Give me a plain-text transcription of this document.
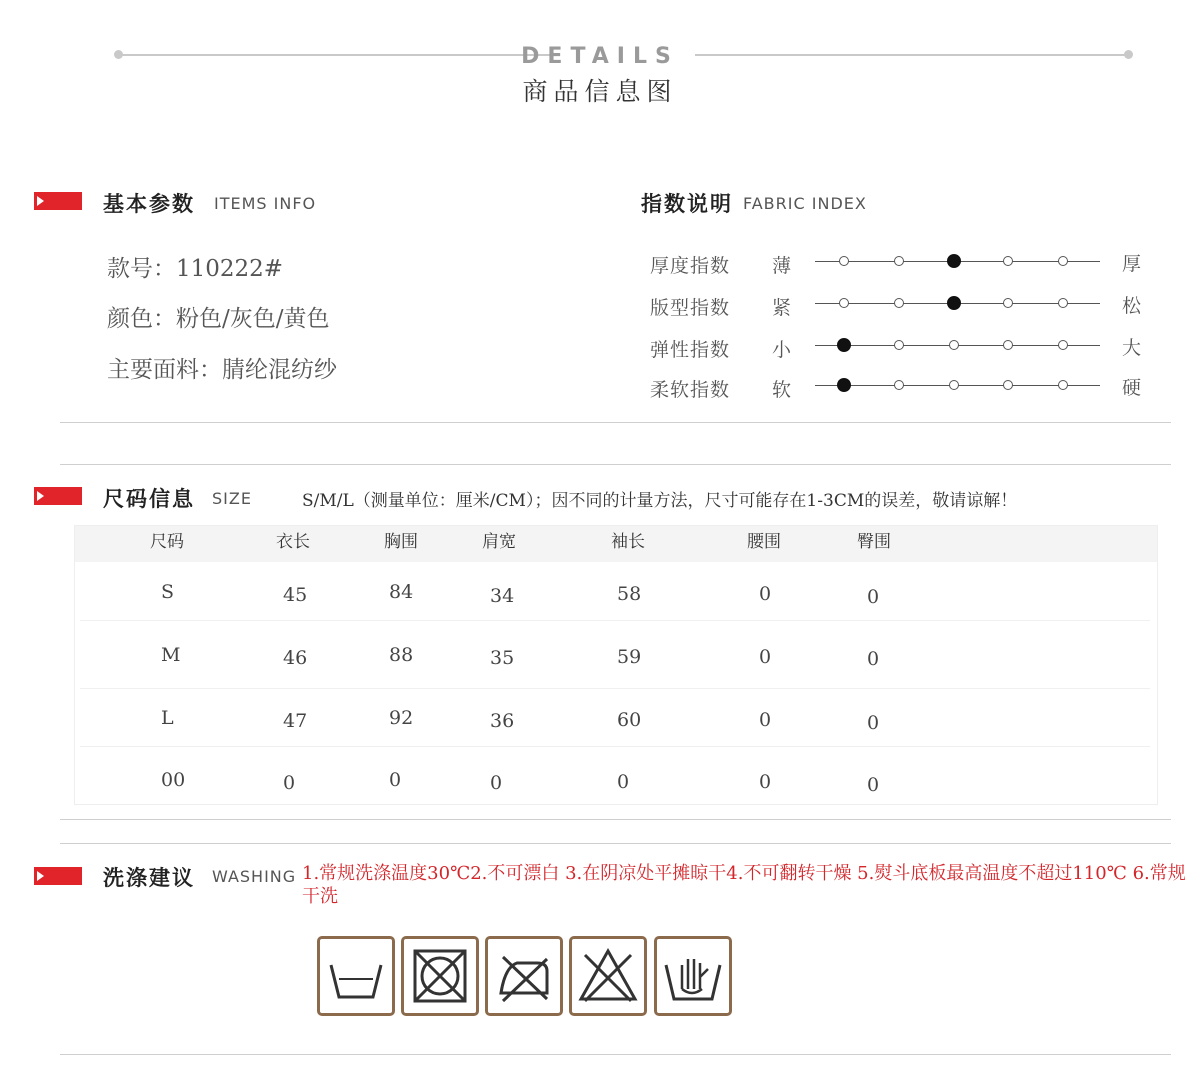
DETAILS
商品信息图
基本参数 ITEMS INFO
款号：110222#
颜色：粉色/灰色/黄色
主要面料：腈纶混纺纱
指数说明 FABRIC INDEX
厚度指数 薄	厚
版型指数 紧	松
弹性指数 小	大
柔软指数 软	硬
尺码信息 SIZE	S/M/L（测量单位：厘米/CM）；因不同的计量方法，尺寸可能存在1-3CM的误差，敬请谅解！
尺码	衣长	胸围	肩宽	袖长	腰围	臀围
S	45	84	34	58	0	0
M	46	88	35	59	0	0
L	47	92	36	60	0	0
00	0	0	0	0	0	0
洗涤建议 WASHING 1.常规洗涤温度30℃2.不可漂白 3.在阴凉处平摊晾干4.不可翻转干燥 5.熨斗底板最高温度不超过110℃ 6.常规干洗
